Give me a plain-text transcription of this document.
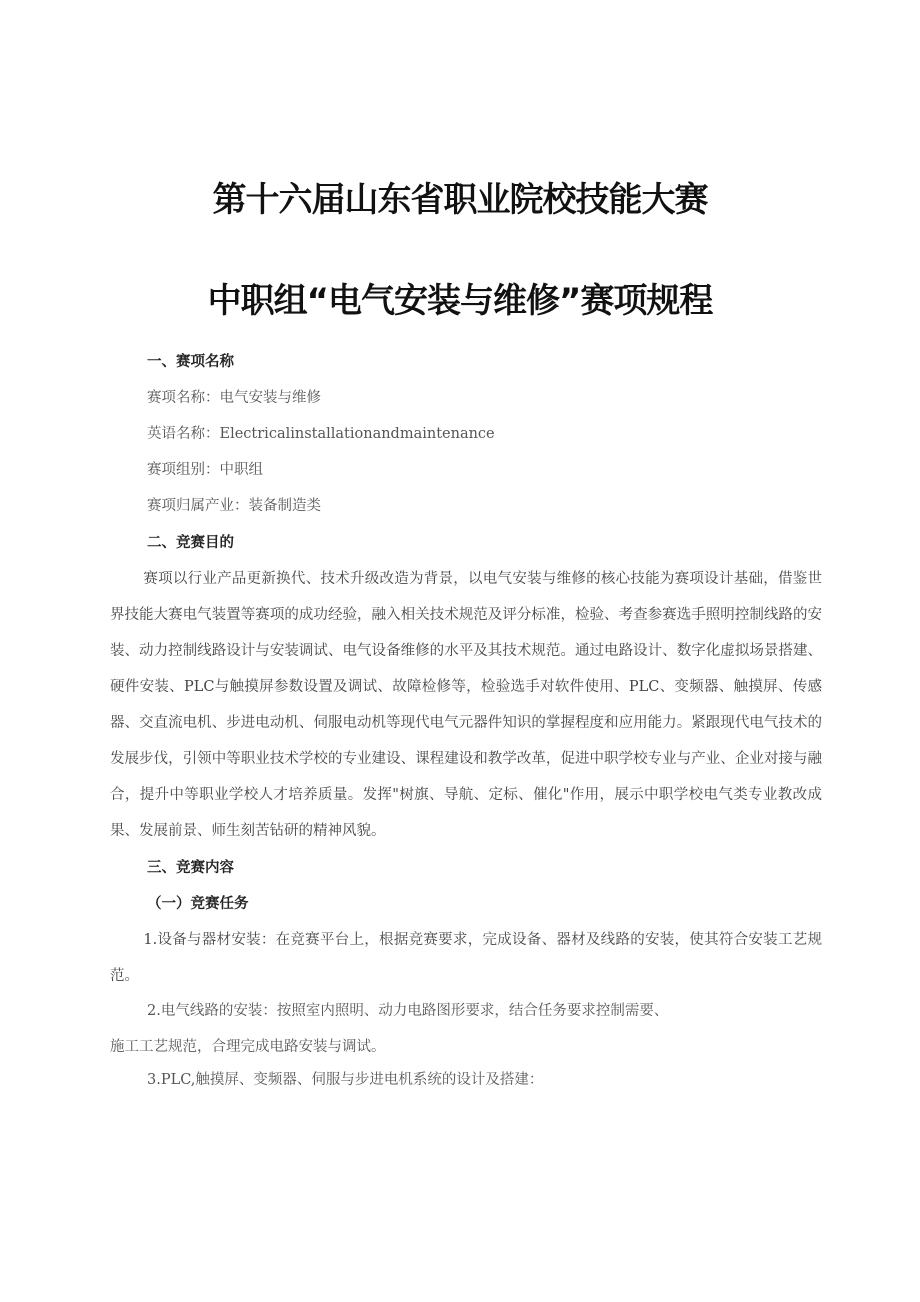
第十六届山东省职业院校技能大赛
中职组“电气安装与维修”赛项规程
一、赛项名称
赛项名称：电气安装与维修
英语名称：Electricalinstallationandmaintenance
赛项组别：中职组
赛项归属产业：装备制造类
二、竞赛目的

赛项以行业产品更新换代、技术升级改造为背景，以电气安装与维修的核心技能为赛项设计基础，借鉴世界技能大赛电气装置等赛项的成功经验，融入相关技术规范及评分标准，检验、考查参赛选手照明控制线路的安装、动力控制线路设计与安装调试、电气设备维修的水平及其技术规范。通过电路设计、数字化虚拟场景搭建、硬件安装、PLC与触摸屏参数设置及调试、故障检修等，检验选手对软件使用、PLC、变频器、触摸屏、传感器、交直流电机、步进电动机、伺服电动机等现代电气元器件知识的掌握程度和应用能力。紧跟现代电气技术的发展步伐，引领中等职业技术学校的专业建设、课程建设和教学改革，促进中职学校专业与产业、企业对接与融合，提升中等职业学校人才培养质量。发挥"树旗、导航、定标、催化"作用，展示中职学校电气类专业教改成果、发展前景、师生刻苦钻研的精神风貌。

三、竞赛内容
（一）竞赛任务

1.设备与器材安装：在竞赛平台上，根据竞赛要求，完成设备、器材及线路的安装，使其符合安装工艺规范。

2.电气线路的安装：按照室内照明、动力电路图形要求，结合任务要求控制需要、
施工工艺规范，合理完成电路安装与调试。
3.PLC,触摸屏、变频器、伺服与步进电机系统的设计及搭建：
